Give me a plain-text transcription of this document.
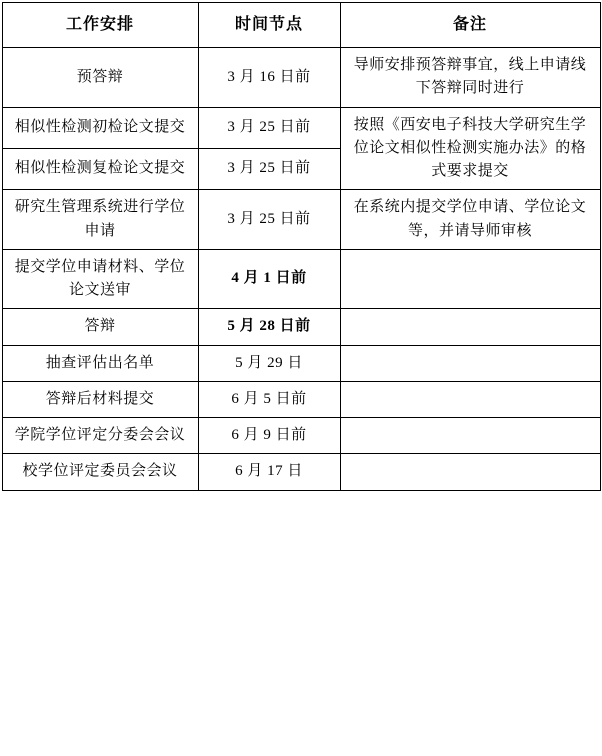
工作安排	时间节点	备注
预答辩	3 月 16 日前	导师安排预答辩事宜，线上申请线下答辩同时进行
相似性检测初检论文提交	3 月 25 日前	按照《西安电子科技大学研究生学位论文相似性检测实施办法》的格式要求提交
相似性检测复检论文提交	3 月 25 日前	
研究生管理系统进行学位申请	3 月 25 日前	在系统内提交学位申请、学位论文等，并请导师审核
提交学位申请材料、学位论文送审	4 月 1 日前	
答辩	5 月 28 日前	
抽查评估出名单	5 月 29 日	
答辩后材料提交	6 月 5 日前	
学院学位评定分委会会议	6 月 9 日前	
校学位评定委员会会议	6 月 17 日	
